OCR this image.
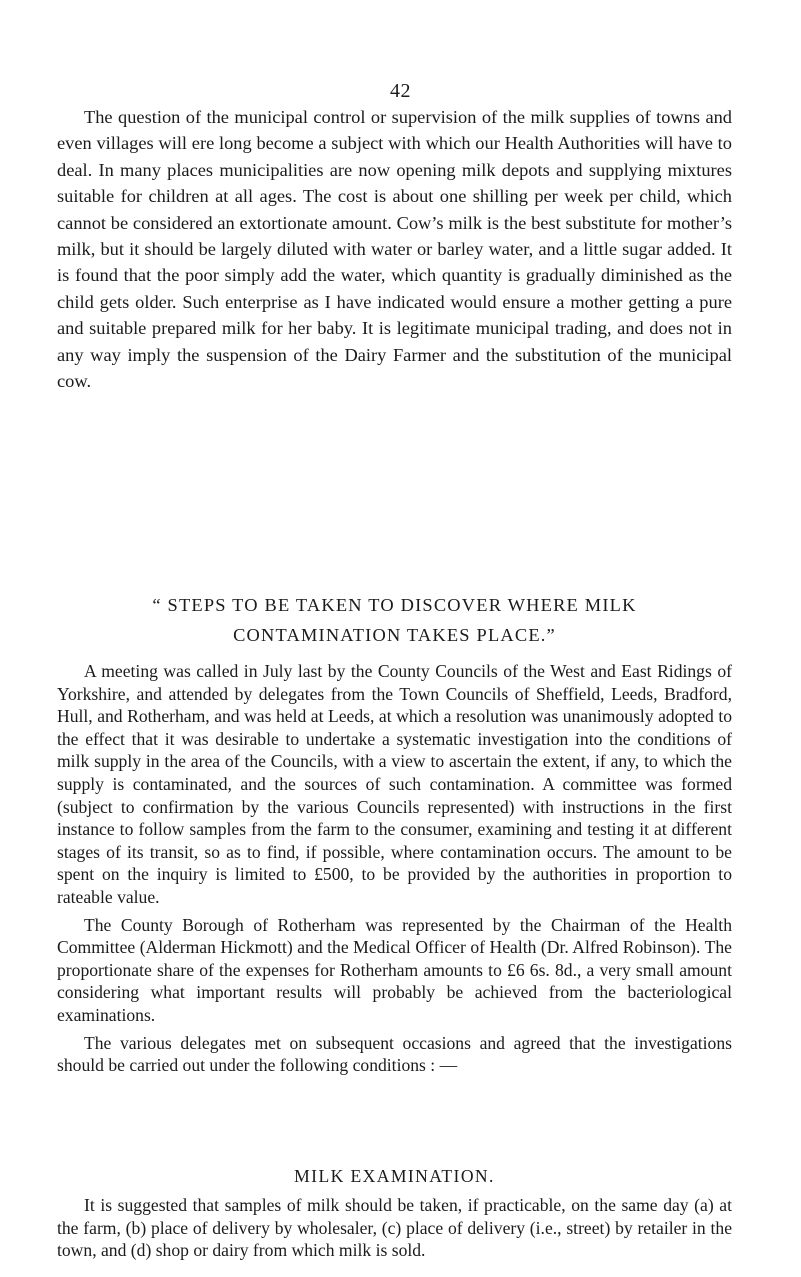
42

The question of the municipal control or supervision of the milk supplies of towns and even villages will ere long become a subject with which our Health Authorities will have to deal. In many places municipalities are now opening milk depots and supplying mixtures suitable for children at all ages. The cost is about one shilling per week per child, which cannot be considered an extortionate amount. Cow’s milk is the best substitute for mother’s milk, but it should be largely diluted with water or barley water, and a little sugar added. It is found that the poor simply add the water, which quantity is gradually diminished as the child gets older. Such enterprise as I have indicated would ensure a mother getting a pure and suitable prepared milk for her baby. It is legitimate municipal trading, and does not in any way imply the suspension of the Dairy Farmer and the substitution of the municipal cow.

“ STEPS TO BE TAKEN TO DISCOVER WHERE MILK
CONTAMINATION TAKES PLACE.”

A meeting was called in July last by the County Councils of the West and East Ridings of Yorkshire, and attended by delegates from the Town Councils of Sheffield, Leeds, Bradford, Hull, and Rotherham, and was held at Leeds, at which a resolution was unanimously adopted to the effect that it was desirable to undertake a systematic investigation into the conditions of milk supply in the area of the Councils, with a view to ascertain the extent, if any, to which the supply is contaminated, and the sources of such contamination. A committee was formed (subject to confirmation by the various Councils represented) with instructions in the first instance to follow samples from the farm to the consumer, examining and testing it at different stages of its transit, so as to find, if possible, where contamination occurs. The amount to be spent on the inquiry is limited to £500, to be provided by the authorities in proportion to rateable value.

The County Borough of Rotherham was represented by the Chairman of the Health Committee (Alderman Hickmott) and the Medical Officer of Health (Dr. Alfred Robinson). The proportionate share of the expenses for Rotherham amounts to £6 6s. 8d., a very small amount considering what important results will probably be achieved from the bacteriological examinations.

The various delegates met on subsequent occasions and agreed that the investigations should be carried out under the following conditions : —

MILK EXAMINATION.

It is suggested that samples of milk should be taken, if practicable, on the same day (a) at the farm, (b) place of delivery by wholesaler, (c) place of delivery (i.e., street) by retailer in the town, and (d) shop or dairy from which milk is sold.
